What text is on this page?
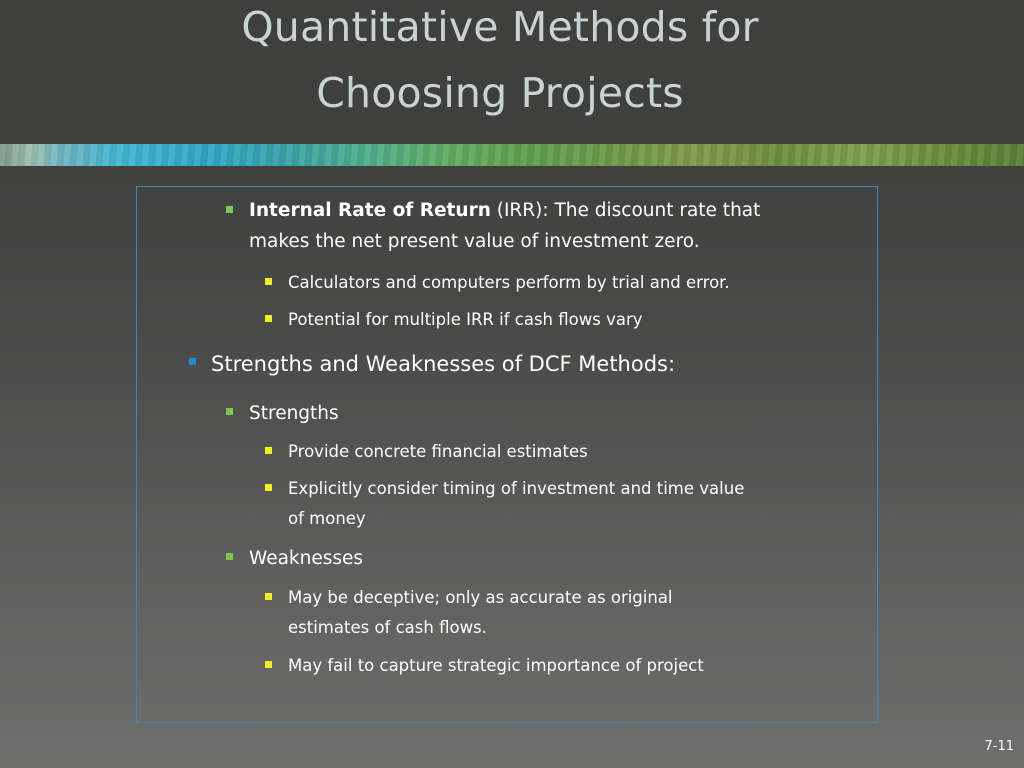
Quantitative Methods for
Choosing Projects
Internal Rate of Return (IRR): The discount rate that
makes the net present value of investment zero.
Calculators and computers perform by trial and error.
Potential for multiple IRR if cash flows vary
Strengths and Weaknesses of DCF Methods:
Strengths
Provide concrete financial estimates
Explicitly consider timing of investment and time value
of money
Weaknesses
May be deceptive; only as accurate as original
estimates of cash flows.
May fail to capture strategic importance of project
7-11
